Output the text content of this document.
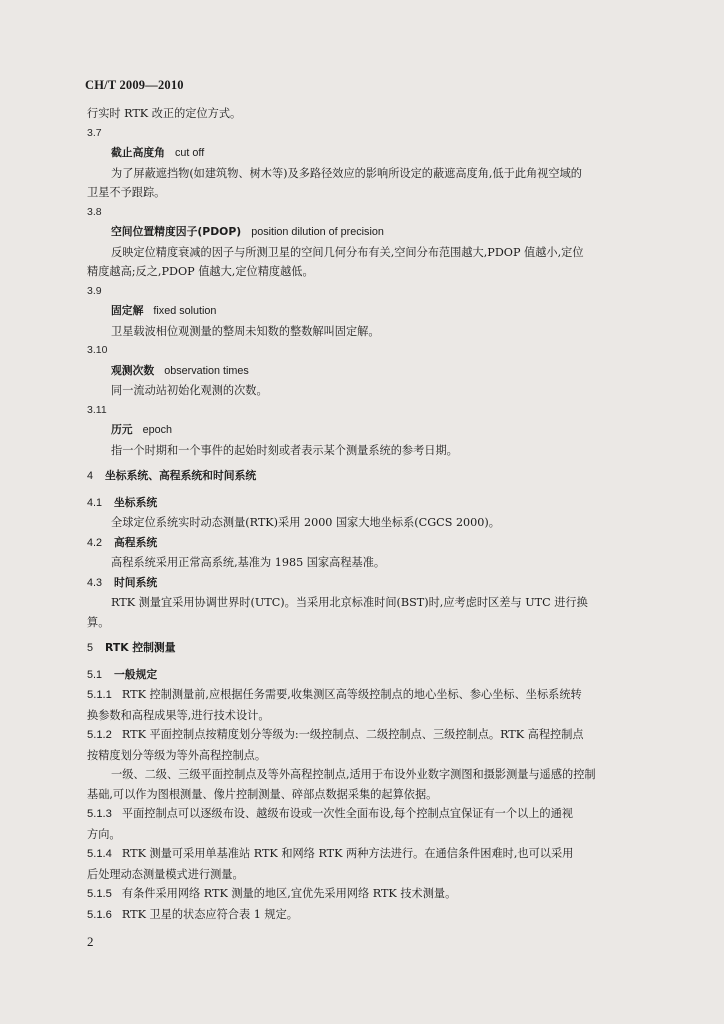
CH/T 2009—2010

行实时 RTK 改正的定位方式。

3.7

截止高度角 cut off

为了屏蔽遮挡物(如建筑物、树木等)及多路径效应的影响所设定的蔽遮高度角,低于此角视空域的

卫星不予跟踪。

3.8

空间位置精度因子(PDOP) position dilution of precision

反映定位精度衰减的因子与所测卫星的空间几何分布有关,空间分布范围越大,PDOP 值越小,定位

精度越高;反之,PDOP 值越大,定位精度越低。

3.9

固定解 fixed solution

卫星载波相位观测量的整周未知数的整数解叫固定解。

3.10

观测次数 observation times

同一流动站初始化观测的次数。

3.11

历元 epoch

指一个时期和一个事件的起始时刻或者表示某个测量系统的参考日期。

4 坐标系统、高程系统和时间系统

4.1 坐标系统

全球定位系统实时动态测量(RTK)采用 2000 国家大地坐标系(CGCS 2000)。

4.2 高程系统

高程系统采用正常高系统,基准为 1985 国家高程基准。

4.3 时间系统

RTK 测量宜采用协调世界时(UTC)。当采用北京标准时间(BST)时,应考虑时区差与 UTC 进行换

算。

5 RTK 控制测量

5.1 一般规定

5.1.1 RTK 控制测量前,应根据任务需要,收集测区高等级控制点的地心坐标、参心坐标、坐标系统转

换参数和高程成果等,进行技术设计。

5.1.2 RTK 平面控制点按精度划分等级为:一级控制点、二级控制点、三级控制点。RTK 高程控制点

按精度划分等级为等外高程控制点。

一级、二级、三级平面控制点及等外高程控制点,适用于布设外业数字测图和摄影测量与遥感的控制

基础,可以作为图根测量、像片控制测量、碎部点数据采集的起算依据。

5.1.3 平面控制点可以逐级布设、越级布设或一次性全面布设,每个控制点宜保证有一个以上的通视

方向。

5.1.4 RTK 测量可采用单基准站 RTK 和网络 RTK 两种方法进行。在通信条件困难时,也可以采用

后处理动态测量模式进行测量。

5.1.5 有条件采用网络 RTK 测量的地区,宜优先采用网络 RTK 技术测量。

5.1.6 RTK 卫星的状态应符合表 1 规定。

2
